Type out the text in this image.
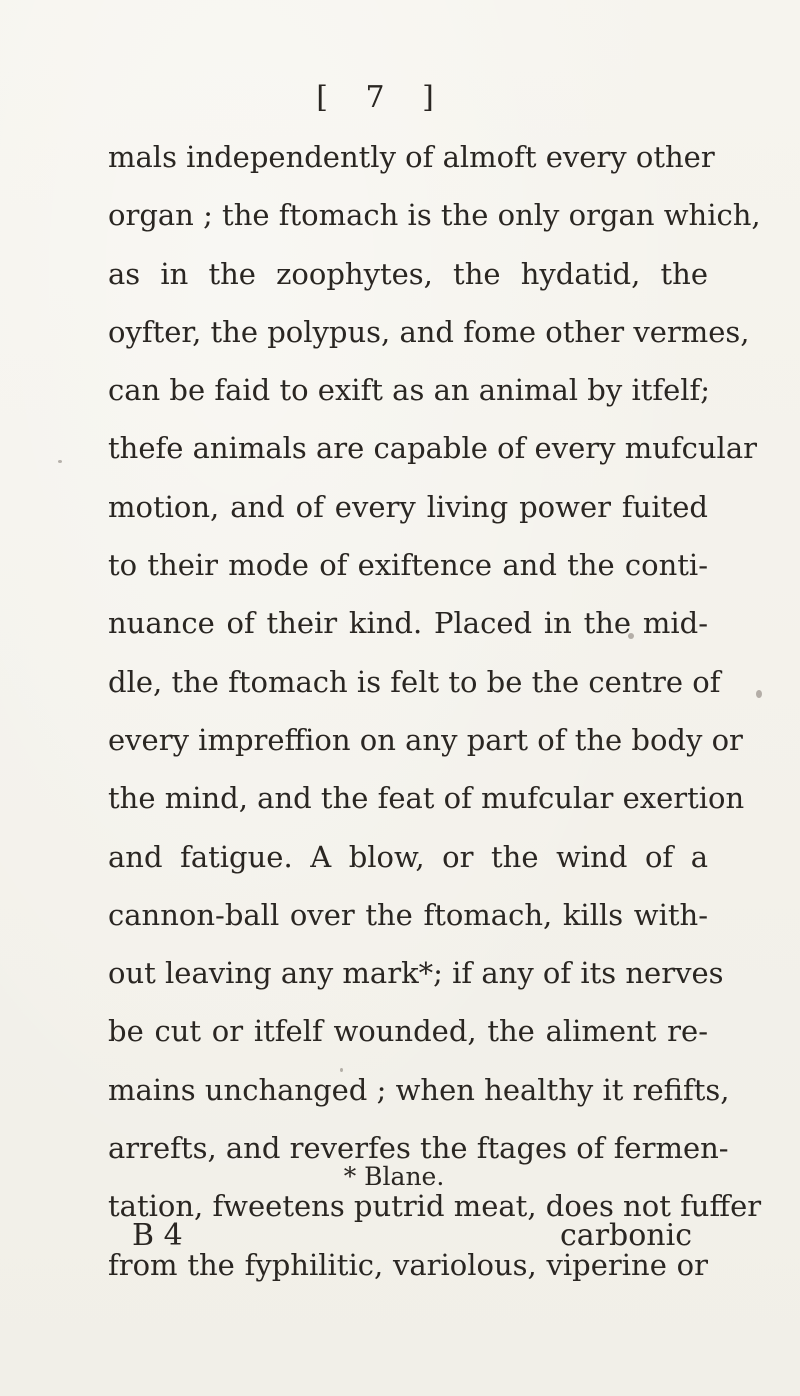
[ 7 ]
mals independently of almoft every other
organ ; the ftomach is the only organ which,
as in the zoophytes, the hydatid, the
oyfter, the polypus, and fome other vermes,
can be faid to exift as an animal by itfelf;
thefe animals are capable of every mufcular
motion, and of every living power fuited
to their mode of exiftence and the conti-
nuance of their kind. Placed in the mid-
dle, the ftomach is felt to be the centre of
every impreffion on any part of the body or
the mind, and the feat of mufcular exertion
and fatigue. A blow, or the wind of a
cannon-ball over the ftomach, kills with-
out leaving any mark*; if any of its nerves
be cut or itfelf wounded, the aliment re-
mains unchanged ; when healthy it refifts,
arrefts, and reverfes the ftages of fermen-
tation, fweetens putrid meat, does not fuffer
from the fyphilitic, variolous, viperine or
* Blane.
B 4	carbonic
